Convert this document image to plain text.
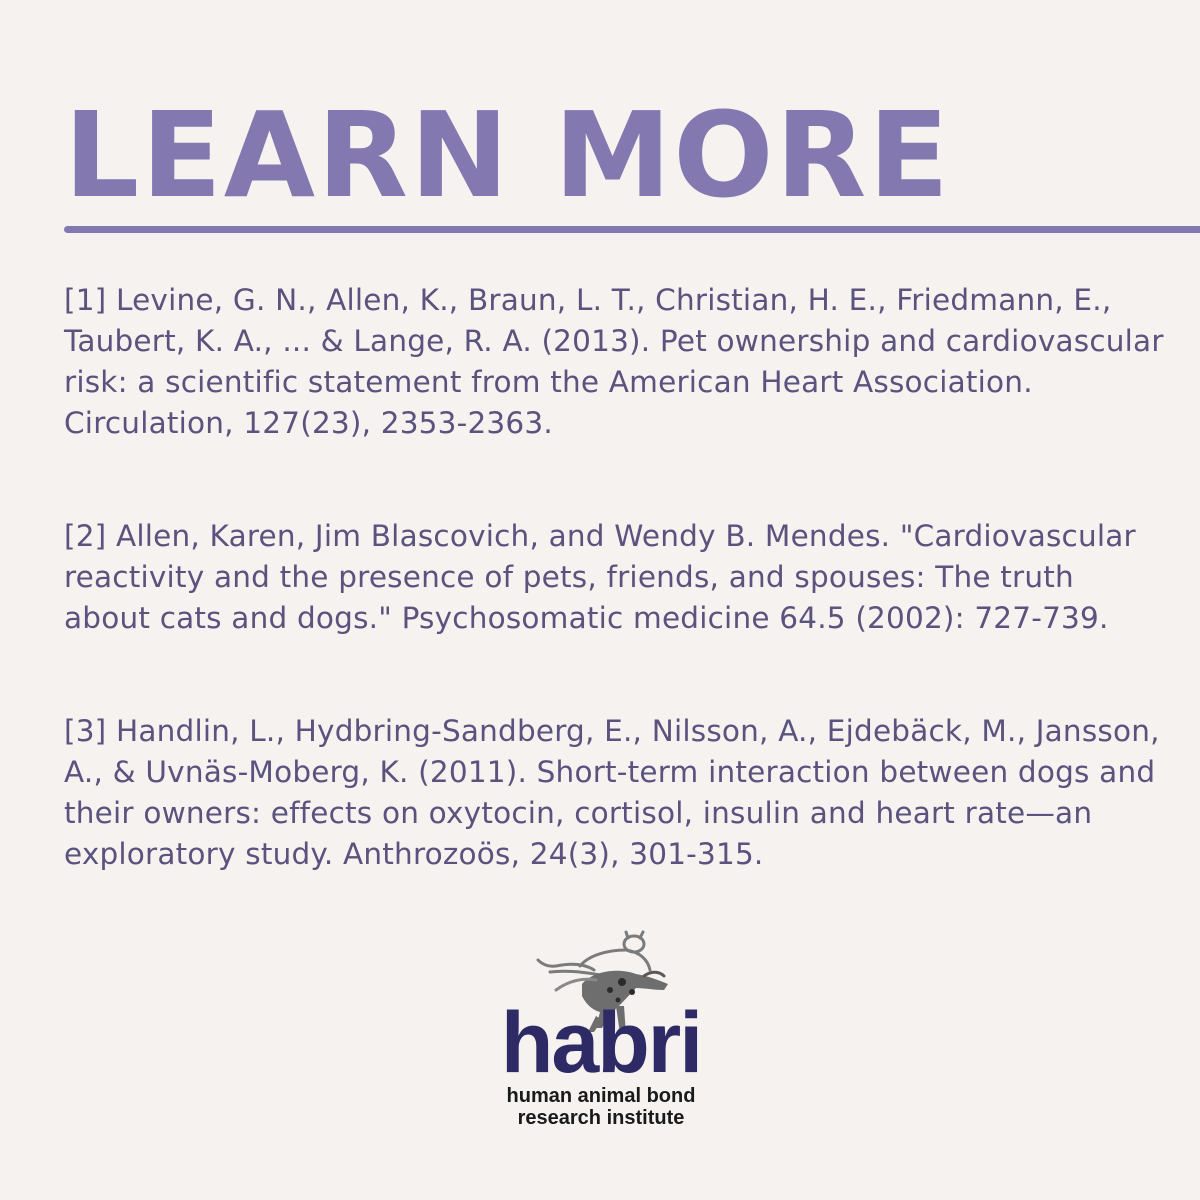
LEARN MORE

[1] Levine, G. N., Allen, K., Braun, L. T., Christian, H. E., Friedmann, E., Taubert, K. A., ... & Lange, R. A. (2013). Pet ownership and cardiovascular risk: a scientific statement from the American Heart Association. Circulation, 127(23), 2353-2363.

[2] Allen, Karen, Jim Blascovich, and Wendy B. Mendes. "Cardiovascular reactivity and the presence of pets, friends, and spouses: The truth about cats and dogs." Psychosomatic medicine 64.5 (2002): 727-739.

[3] Handlin, L., Hydbring-Sandberg, E., Nilsson, A., Ejdebäck, M., Jansson, A., & Uvnäs-Moberg, K. (2011). Short-term interaction between dogs and their owners: effects on oxytocin, cortisol, insulin and heart rate—an exploratory study. Anthrozoös, 24(3), 301-315.

habri
human animal bond
research institute
